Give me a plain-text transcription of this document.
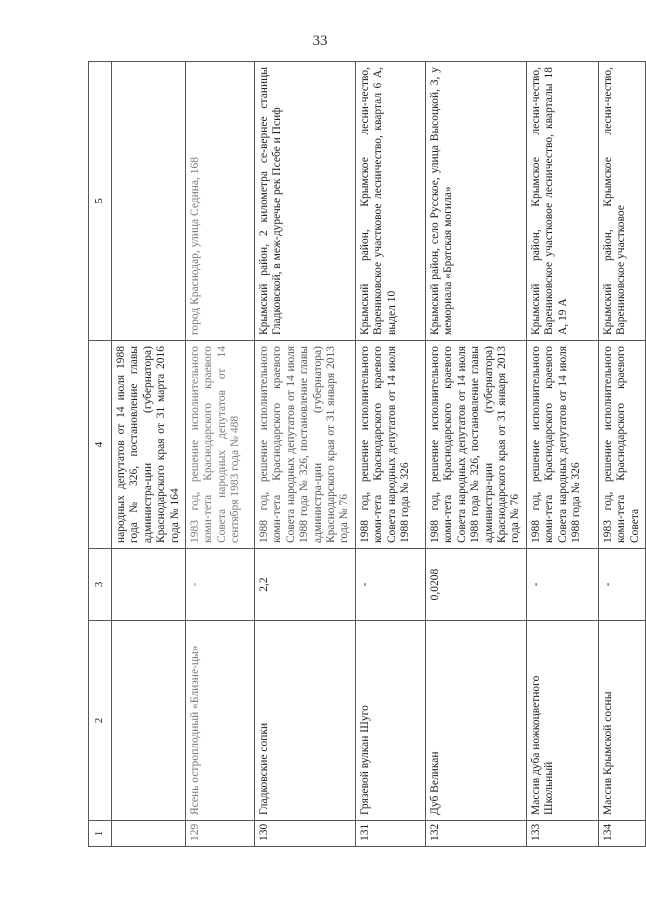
33
1	2	3	4	5
			народных депутатов от 14 июля 1988 года № 326, постановление главы администра-ции (губернатора) Краснодарского края от 31 марта 2016 года № 164	
129	Ясень остроплодный «Близне-цы»	-	1983 год, решение исполнительного коми-тета Краснодарского краевого Совета народных депутатов от 14 сентября 1983 года № 488	город Краснодар, улица Седина, 168
130	Гладковские сопки	2,2	1988 год, решение исполнительного коми-тета Краснодарского краевого Совета народных депутатов от 14 июля 1988 года № 326, постановление главы администра-ции (губернатора) Краснодарского края от 31 января 2013 года № 76	Крымский район, 2 километра се-вернее станицы Гладковской, в меж-дуречье рек Псебе и Псиф
131	Грязевой вулкан Шуго	-	1988 год, решение исполнительного коми-тета Краснодарского краевого Совета народных депутатов от 14 июля 1988 года № 326	Крымский район, Крымское лесни-чество, Варениковское участковое лесничество, квартал 6 А, выдел 10
132	Дуб Великан	0,0208	1988 год, решение исполнительного коми-тета Краснодарского краевого Совета народных депутатов от 14 июля 1988 года № 326, постановление главы администра-ции (губернатора) Краснодарского края от 31 января 2013 года № 76	Крымский район, село Русское, улица Высоцкой, 3, у мемориала «Братская могила»
133	Массив дуба ножкоцветного Школьный	-	1988 год, решение исполнительного коми-тета Краснодарского краевого Совета народных депутатов от 14 июля 1988 года № 326	Крымский район, Крымское лесни-чество, Варениковское участковое лесничество, кварталы 18 А, 19 А
134	Массив Крымской сосны	-	1983 год, решение исполнительного коми-тета Краснодарского краевого Совета	Крымский район, Крымское лесни-чество, Варениковское участковое
